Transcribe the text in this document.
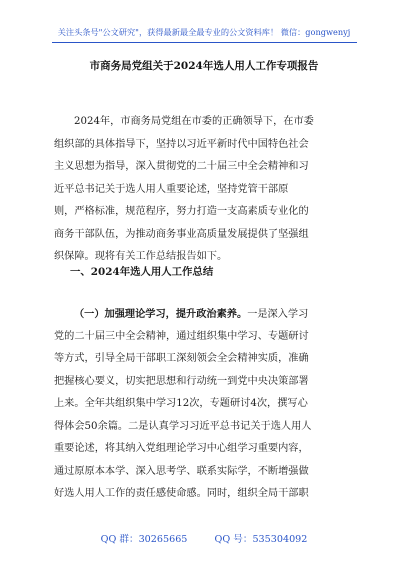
关注头条号"公文研究"，获得最新最全最专业的公文资料库！ 微信：gongwenyj
市商务局党组关于2024年选人用人工作专项报告
2024年，市商务局党组在市委的正确领导下，在市委
组织部的具体指导下，坚持以习近平新时代中国特色社会
主义思想为指导，深入贯彻党的二十届三中全会精神和习
近平总书记关于选人用人重要论述，坚持党管干部原
则，严格标准，规范程序，努力打造一支高素质专业化的
商务干部队伍，为推动商务事业高质量发展提供了坚强组
织保障。现将有关工作总结报告如下。
一、2024年选人用人工作总结
（一）加强理论学习，提升政治素养。一是深入学习
党的二十届三中全会精神，通过组织集中学习、专题研讨
等方式，引导全局干部职工深刻领会全会精神实质，准确
把握核心要义，切实把思想和行动统一到党中央决策部署
上来。全年共组织集中学习12次，专题研讨4次，撰写心
得体会50余篇。二是认真学习习近平总书记关于选人用人
重要论述，将其纳入党组理论学习中心组学习重要内容，
通过原原本本学、深入思考学、联系实际学，不断增强做
好选人用人工作的责任感使命感。同时，组织全局干部职
QQ 群：30265665	QQ 号：535304092
